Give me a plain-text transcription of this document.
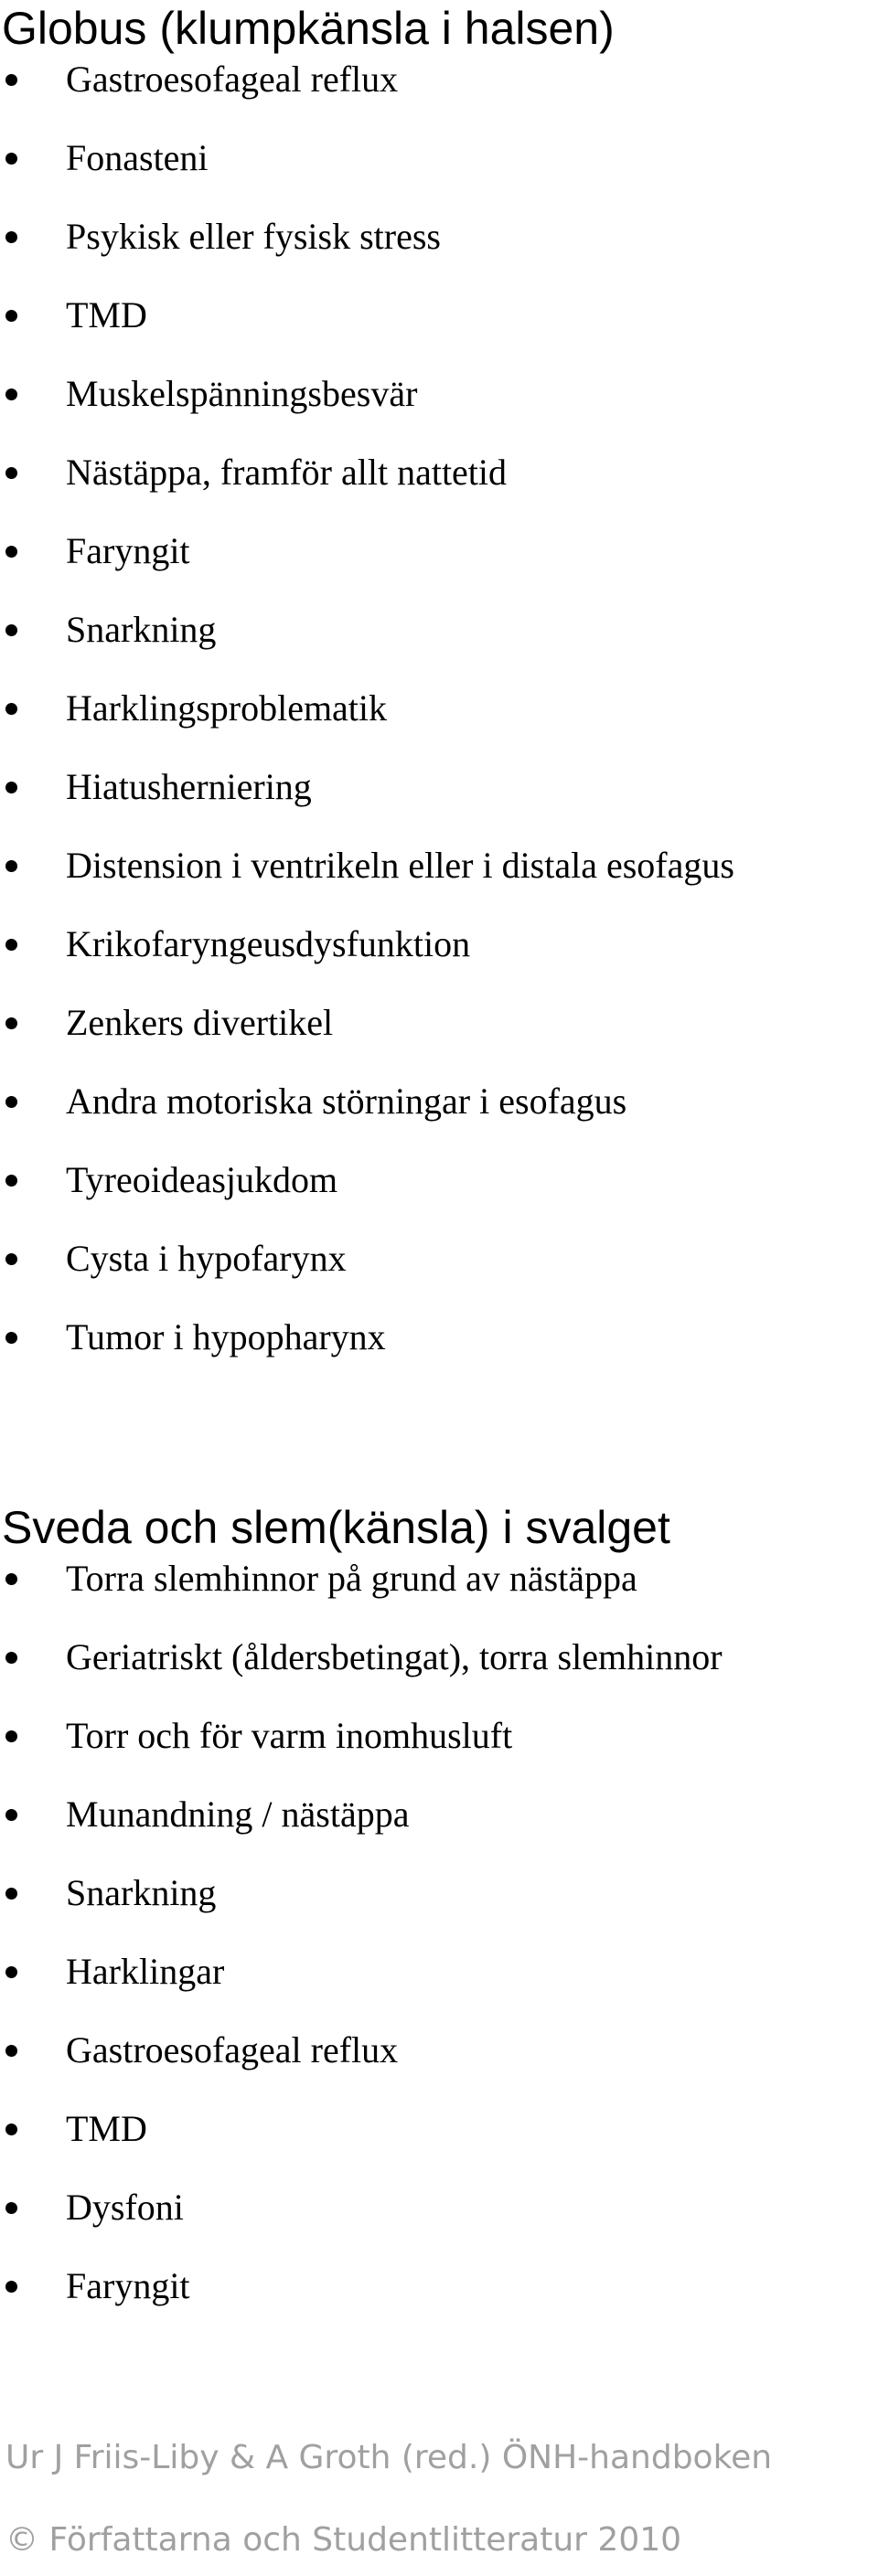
Globus (klumpkänsla i halsen)
Gastroesofageal reflux
Fonasteni
Psykisk eller fysisk stress
TMD
Muskelspänningsbesvär
Nästäppa, framför allt nattetid
Faryngit
Snarkning
Harklingsproblematik
Hiatusherniering
Distension i ventrikeln eller i distala esofagus
Krikofaryngeusdysfunktion
Zenkers divertikel
Andra motoriska störningar i esofagus
Tyreoideasjukdom
Cysta i hypofarynx
Tumor i hypopharynx
Sveda och slem(känsla) i svalget
Torra slemhinnor på grund av nästäppa
Geriatriskt (åldersbetingat), torra slemhinnor
Torr och för varm inomhusluft
Munandning / nästäppa
Snarkning
Harklingar
Gastroesofageal reflux
TMD
Dysfoni
Faryngit
Ur J Friis-Liby & A Groth (red.) ÖNH-handboken
© Författarna och Studentlitteratur 2010
